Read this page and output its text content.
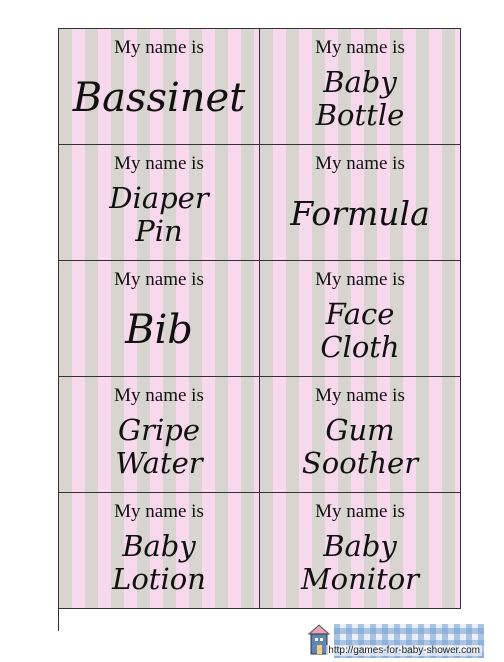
My name is
Bassinet
My name is
Baby
Bottle
My name is
Diaper
Pin
My name is
Formula
My name is
Bib
My name is
Face
Cloth
My name is
Gripe
Water
My name is
Gum
Soother
My name is
Baby
Lotion
My name is
Baby
Monitor
http://games-for-baby-shower.com
